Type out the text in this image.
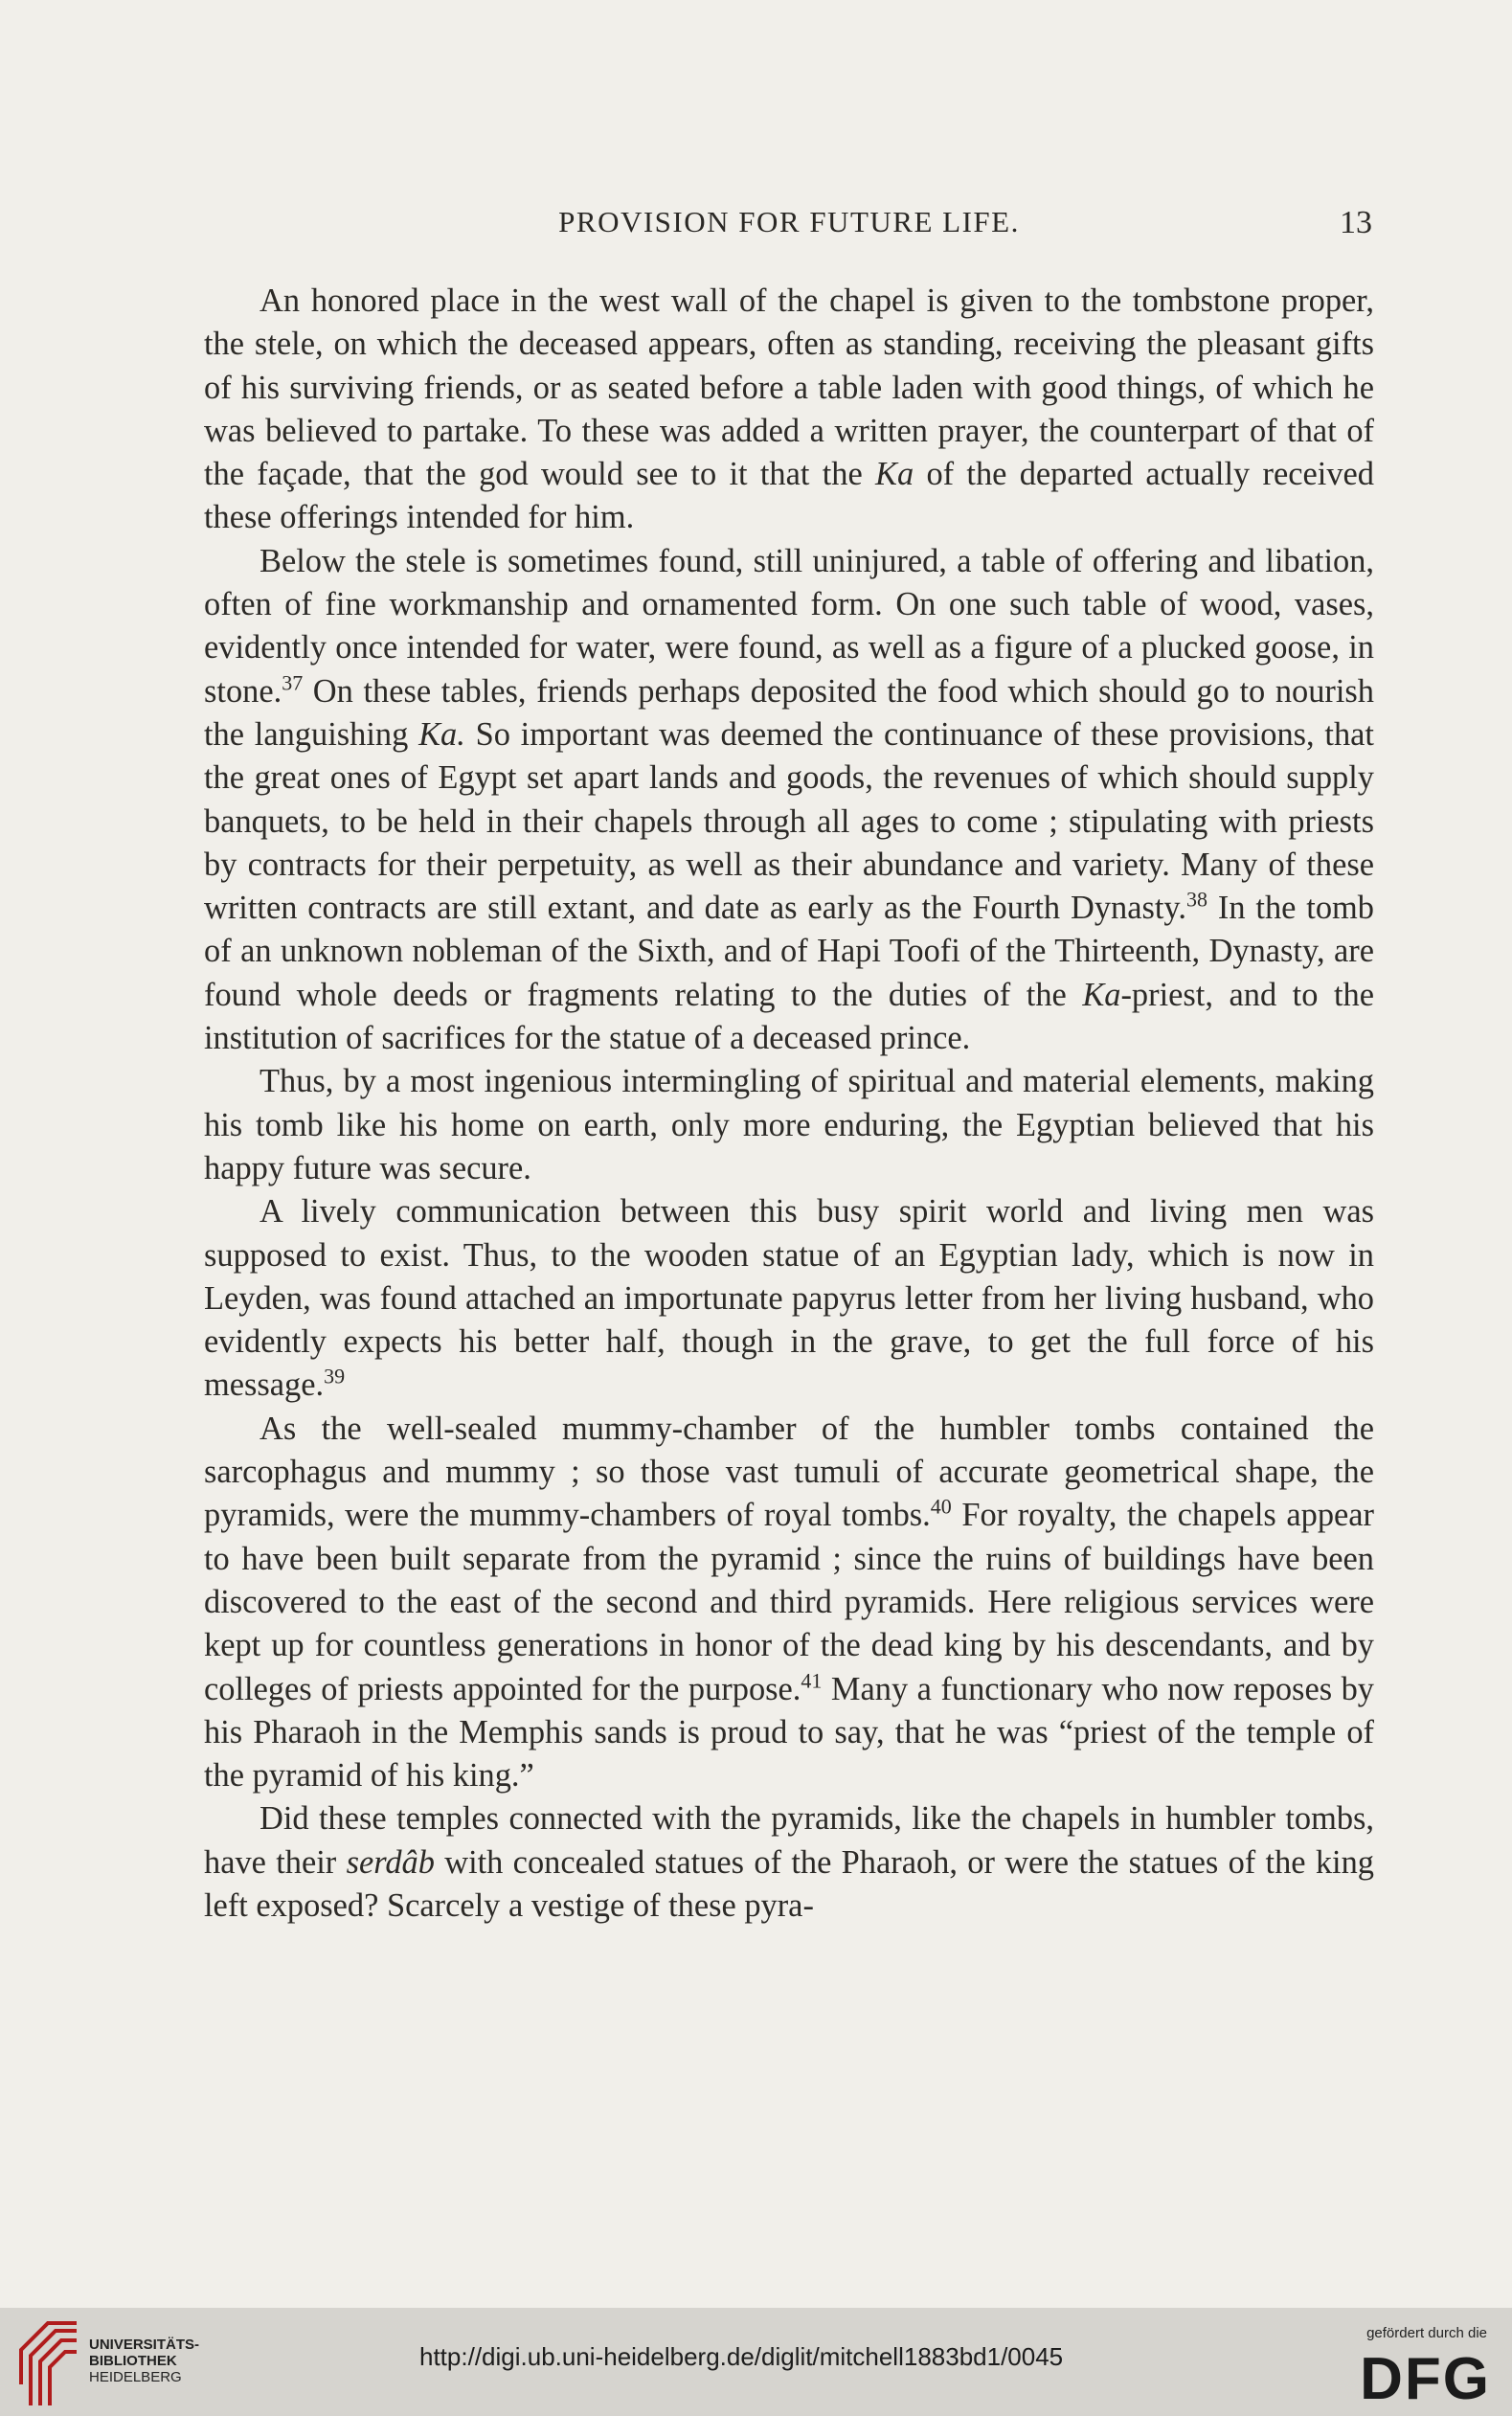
PROVISION FOR FUTURE LIFE.	13

An honored place in the west wall of the chapel is given to the tombstone proper, the stele, on which the deceased appears, often as standing, receiving the pleasant gifts of his surviving friends, or as seated before a table laden with good things, of which he was believed to partake. To these was added a written prayer, the counterpart of that of the façade, that the god would see to it that the Ka of the departed actually received these offerings intended for him.

Below the stele is sometimes found, still uninjured, a table of offering and libation, often of fine workmanship and ornamented form. On one such table of wood, vases, evidently once intended for water, were found, as well as a figure of a plucked goose, in stone.$^{37}$ On these tables, friends perhaps deposited the food which should go to nourish the languishing Ka. So important was deemed the continuance of these provisions, that the great ones of Egypt set apart lands and goods, the revenues of which should supply banquets, to be held in their chapels through all ages to come ; stipulating with priests by contracts for their perpetuity, as well as their abundance and variety. Many of these written contracts are still extant, and date as early as the Fourth Dynasty.$^{38}$ In the tomb of an unknown nobleman of the Sixth, and of Hapi Toofi of the Thirteenth, Dynasty, are found whole deeds or fragments relating to the duties of the Ka-priest, and to the institution of sacrifices for the statue of a deceased prince.

Thus, by a most ingenious intermingling of spiritual and material elements, making his tomb like his home on earth, only more enduring, the Egyptian believed that his happy future was secure.

A lively communication between this busy spirit world and living men was supposed to exist. Thus, to the wooden statue of an Egyptian lady, which is now in Leyden, was found attached an importunate papyrus letter from her living husband, who evidently expects his better half, though in the grave, to get the full force of his message.$^{39}$

As the well-sealed mummy-chamber of the humbler tombs contained the sarcophagus and mummy ; so those vast tumuli of accurate geometrical shape, the pyramids, were the mummy-chambers of royal tombs.$^{40}$ For royalty, the chapels appear to have been built separate from the pyramid ; since the ruins of buildings have been discovered to the east of the second and third pyramids. Here religious services were kept up for countless generations in honor of the dead king by his descendants, and by colleges of priests appointed for the purpose.$^{41}$ Many a functionary who now reposes by his Pharaoh in the Memphis sands is proud to say, that he was “priest of the temple of the pyramid of his king.”

Did these temples connected with the pyramids, like the chapels in humbler tombs, have their serdâb with concealed statues of the Pharaoh, or were the statues of the king left exposed? Scarcely a vestige of these pyra-

UNIVERSITÄTS-
BIBLIOTHEK
HEIDELBERG
http://digi.ub.uni-heidelberg.de/diglit/mitchell1883bd1/0045
gefördert durch die
DFG
